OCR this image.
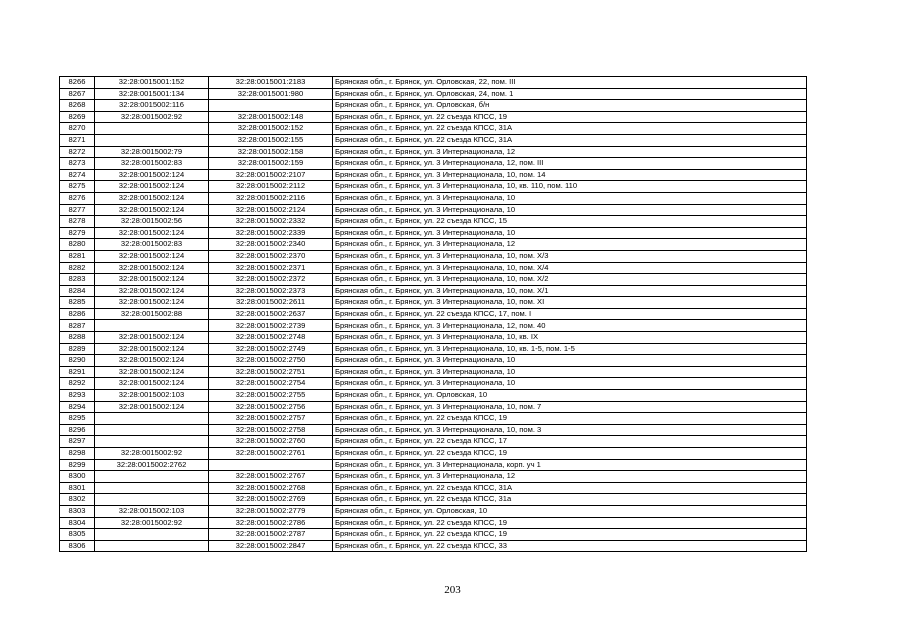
8266	32:28:0015001:152	32:28:0015001:2183	Брянская обл., г. Брянск, ул. Орловская, 22, пом. III
8267	32:28:0015001:134	32:28:0015001:980	Брянская обл., г. Брянск, ул. Орловская, 24, пом. 1
8268	32:28:0015002:116		Брянская обл., г. Брянск, ул. Орловская, б/н
8269	32:28:0015002:92	32:28:0015002:148	Брянская обл., г. Брянск, ул. 22 съезда КПСС, 19
8270		32:28:0015002:152	Брянская обл., г. Брянск, ул. 22 съезда КПСС, 31А
8271		32:28:0015002:155	Брянская обл., г. Брянск, ул. 22 съезда КПСС, 31А
8272	32:28:0015002:79	32:28:0015002:158	Брянская обл., г. Брянск, ул. 3 Интернационала, 12
8273	32:28:0015002:83	32:28:0015002:159	Брянская обл., г. Брянск, ул. 3 Интернационала, 12, пом. III
8274	32:28:0015002:124	32:28:0015002:2107	Брянская обл., г. Брянск, ул. 3 Интернационала, 10, пом. 14
8275	32:28:0015002:124	32:28:0015002:2112	Брянская обл., г. Брянск, ул. 3 Интернационала, 10, кв. 110, пом. 110
8276	32:28:0015002:124	32:28:0015002:2116	Брянская обл., г. Брянск, ул. 3 Интернационала, 10
8277	32:28:0015002:124	32:28:0015002:2124	Брянская обл., г. Брянск, ул. 3 Интернационала, 10
8278	32:28:0015002:56	32:28:0015002:2332	Брянская обл., г. Брянск, ул. 22 съезда КПСС, 15
8279	32:28:0015002:124	32:28:0015002:2339	Брянская обл., г. Брянск, ул. 3 Интернационала, 10
8280	32:28:0015002:83	32:28:0015002:2340	Брянская обл., г. Брянск, ул. 3 Интернационала, 12
8281	32:28:0015002:124	32:28:0015002:2370	Брянская обл., г. Брянск, ул. 3 Интернационала, 10, пом. Х/3
8282	32:28:0015002:124	32:28:0015002:2371	Брянская обл., г. Брянск, ул. 3 Интернационала, 10, пом. Х/4
8283	32:28:0015002:124	32:28:0015002:2372	Брянская обл., г. Брянск, ул. 3 Интернационала, 10, пом. Х/2
8284	32:28:0015002:124	32:28:0015002:2373	Брянская обл., г. Брянск, ул. 3 Интернационала, 10, пом. Х/1
8285	32:28:0015002:124	32:28:0015002:2611	Брянская обл., г. Брянск, ул. 3 Интернационала, 10, пом. XI
8286	32:28:0015002:88	32:28:0015002:2637	Брянская обл., г. Брянск, ул. 22 съезда КПСС, 17, пом. I
8287		32:28:0015002:2739	Брянская обл., г. Брянск, ул. 3 Интернационала, 12, пом. 40
8288	32:28:0015002:124	32:28:0015002:2748	Брянская обл., г. Брянск, ул. 3 Интернационала, 10, кв. IX
8289	32:28:0015002:124	32:28:0015002:2749	Брянская обл., г. Брянск, ул. 3 Интернационала, 10, кв. 1-5, пом. 1-5
8290	32:28:0015002:124	32:28:0015002:2750	Брянская обл., г. Брянск, ул. 3 Интернационала, 10
8291	32:28:0015002:124	32:28:0015002:2751	Брянская обл., г. Брянск, ул. 3 Интернационала, 10
8292	32:28:0015002:124	32:28:0015002:2754	Брянская обл., г. Брянск, ул. 3 Интернационала, 10
8293	32:28:0015002:103	32:28:0015002:2755	Брянская обл., г. Брянск, ул. Орловская, 10
8294	32:28:0015002:124	32:28:0015002:2756	Брянская обл., г. Брянск, ул. 3 Интернационала, 10, пом. 7
8295		32:28:0015002:2757	Брянская обл., г. Брянск, ул. 22 съезда КПСС, 19
8296		32:28:0015002:2758	Брянская обл., г. Брянск, ул. 3 Интернационала, 10, пом. 3
8297		32:28:0015002:2760	Брянская обл., г. Брянск, ул. 22 съезда КПСС, 17
8298	32:28:0015002:92	32:28:0015002:2761	Брянская обл., г. Брянск, ул. 22 съезда КПСС, 19
8299	32:28:0015002:2762		Брянская обл., г. Брянск, ул. 3 Интернационала, корп. уч 1
8300		32:28:0015002:2767	Брянская обл., г. Брянск, ул. 3 Интернационала, 12
8301		32:28:0015002:2768	Брянская обл., г. Брянск, ул. 22 съезда КПСС, 31А
8302		32:28:0015002:2769	Брянская обл., г. Брянск, ул. 22 съезда КПСС, 31а
8303	32:28:0015002:103	32:28:0015002:2779	Брянская обл., г. Брянск, ул. Орловская, 10
8304	32:28:0015002:92	32:28:0015002:2786	Брянская обл., г. Брянск, ул. 22 съезда КПСС, 19
8305		32:28:0015002:2787	Брянская обл., г. Брянск, ул. 22 съезда КПСС, 19
8306		32:28:0015002:2847	Брянская обл., г. Брянск, ул. 22 съезда КПСС, 33
203
